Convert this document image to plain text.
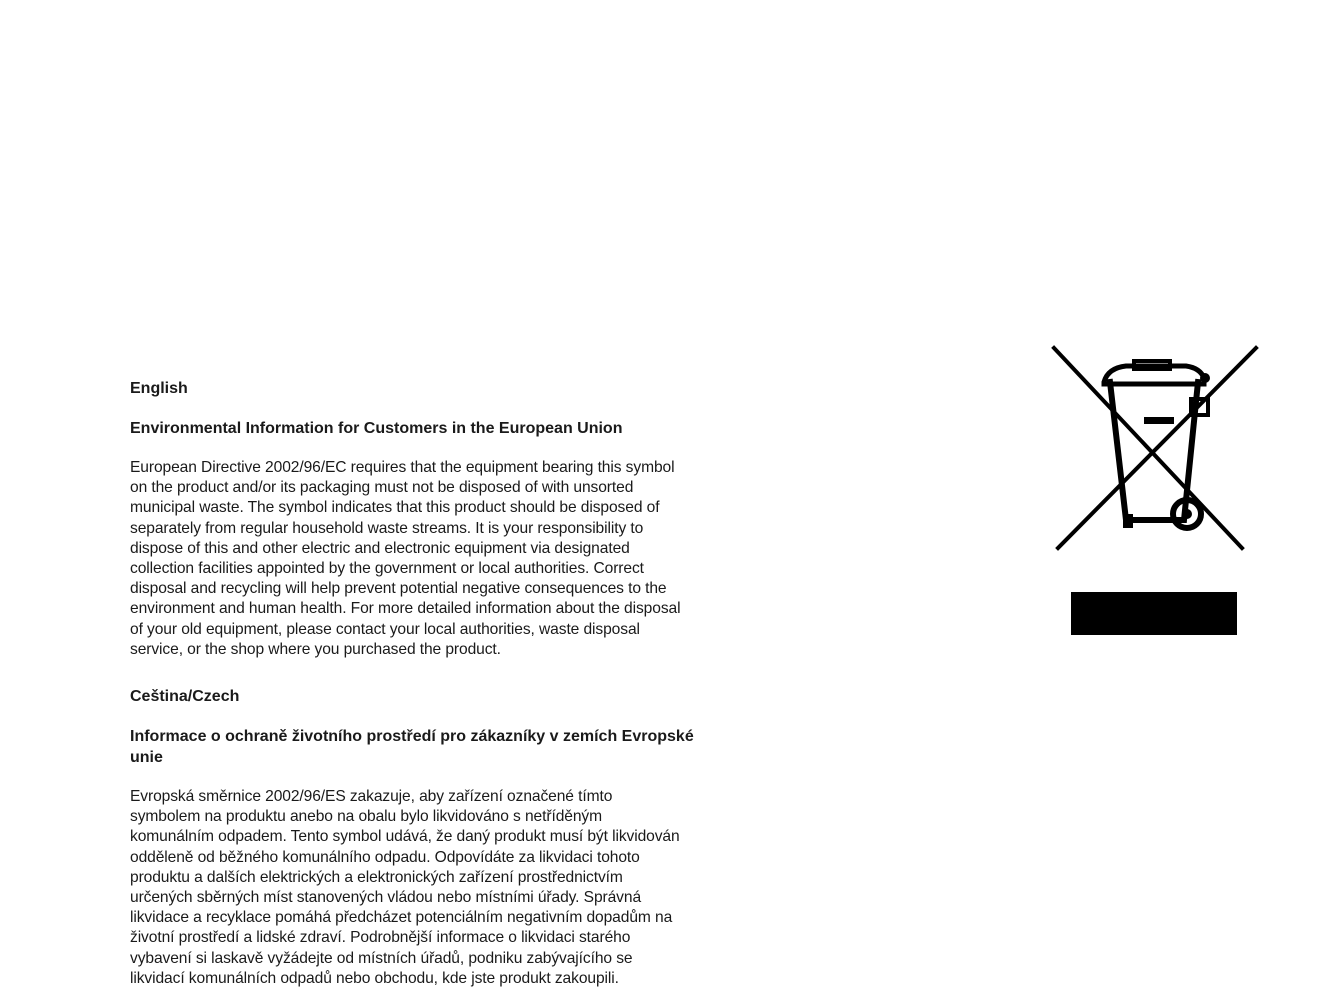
English

Environmental Information for Customers in the European Union

European Directive 2002/96/EC requires that the equipment bearing this symbol
on the product and/or its packaging must not be disposed of with unsorted
municipal waste. The symbol indicates that this product should be disposed of
separately from regular household waste streams. It is your responsibility to
dispose of this and other electric and electronic equipment via designated
collection facilities appointed by the government or local authorities. Correct
disposal and recycling will help prevent potential negative consequences to the
environment and human health. For more detailed information about the disposal
of your old equipment, please contact your local authorities, waste disposal
service, or the shop where you purchased the product.

Ceština/Czech

Informace o ochraně životního prostředí pro zákazníky v zemích Evropské
unie

Evropská směrnice 2002/96/ES zakazuje, aby zařízení označené tímto
symbolem na produktu anebo na obalu bylo likvidováno s netříděným
komunálním odpadem. Tento symbol udává, že daný produkt musí být likvidován
odděleně od běžného komunálního odpadu. Odpovídáte za likvidaci tohoto
produktu a dalších elektrických a elektronických zařízení prostřednictvím
určených sběrných míst stanovených vládou nebo místními úřady. Správná
likvidace a recyklace pomáhá předcházet potenciálním negativním dopadům na
životní prostředí a lidské zdraví. Podrobnější informace o likvidaci starého
vybavení si laskavě vyžádejte od místních úřadů, podniku zabývajícího se
likvidací komunálních odpadů nebo obchodu, kde jste produkt zakoupili.
